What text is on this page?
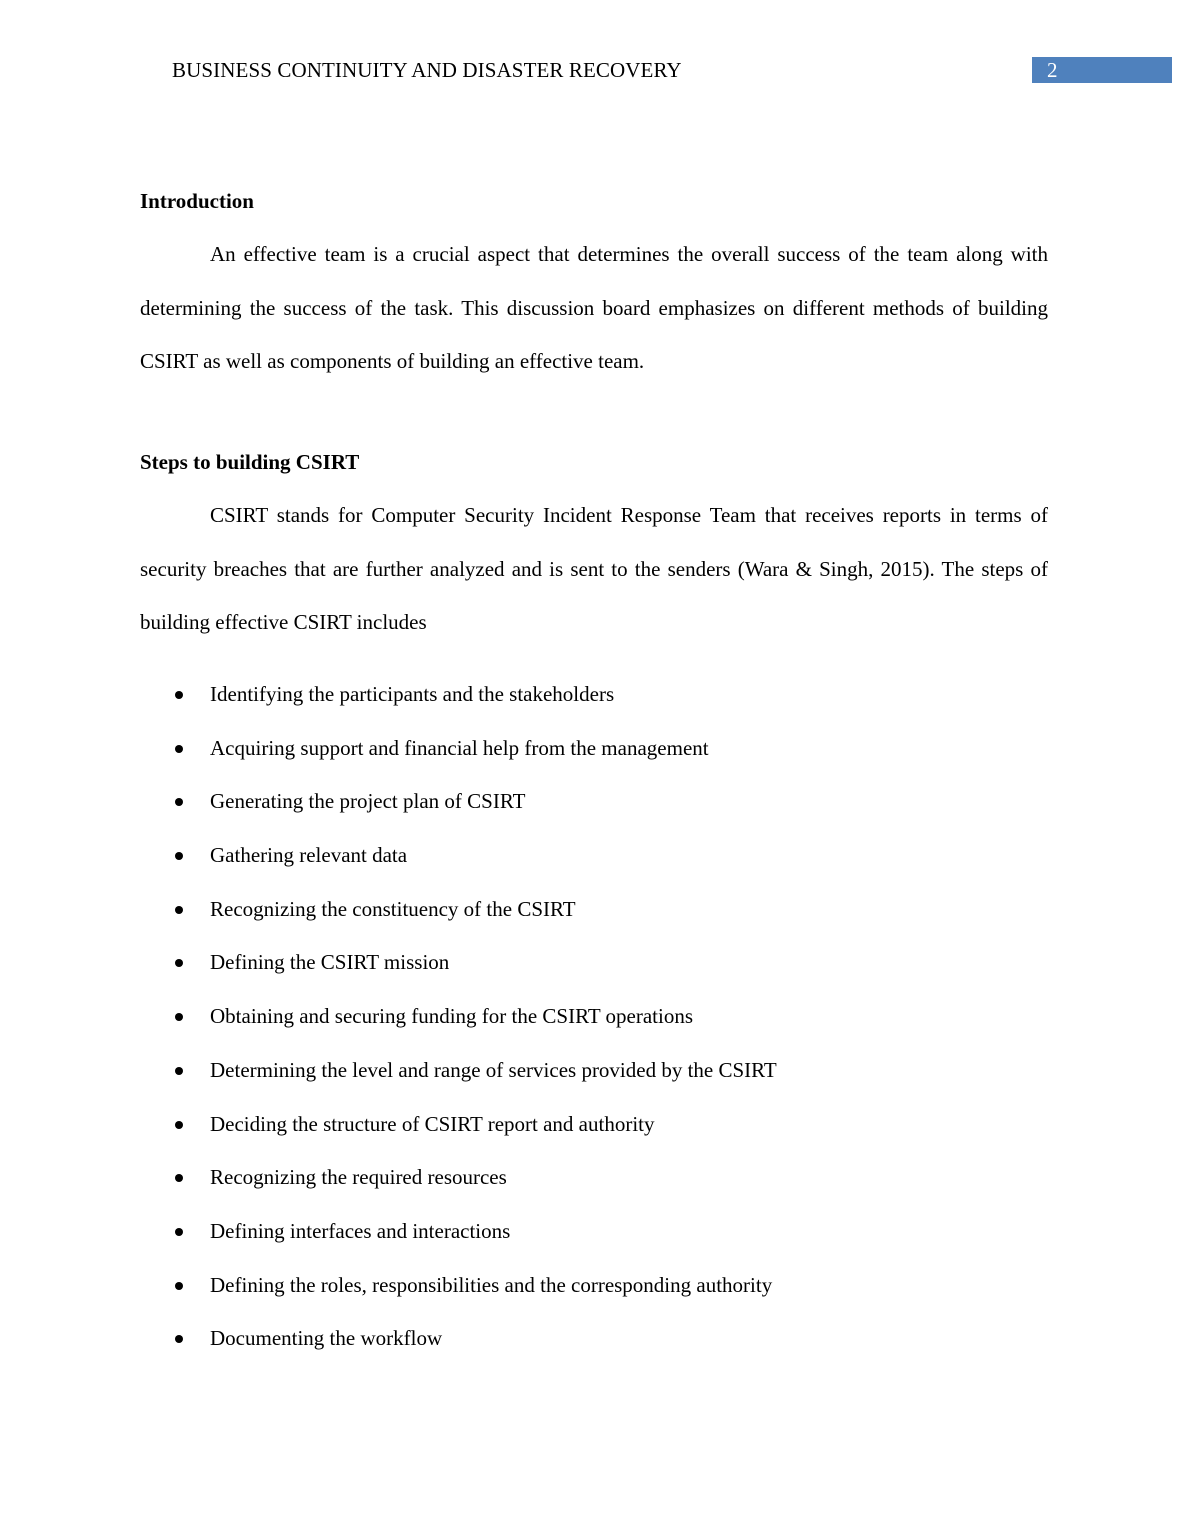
BUSINESS CONTINUITY AND DISASTER RECOVERY	2
Introduction

An effective team is a crucial aspect that determines the overall success of the team along with determining the success of the task. This discussion board emphasizes on different methods of building CSIRT as well as components of building an effective team.

Steps to building CSIRT

CSIRT stands for Computer Security Incident Response Team that receives reports in terms of security breaches that are further analyzed and is sent to the senders (Wara & Singh, 2015). The steps of building effective CSIRT includes

Identifying the participants and the stakeholders
Acquiring support and financial help from the management
Generating the project plan of CSIRT
Gathering relevant data
Recognizing the constituency of the CSIRT
Defining the CSIRT mission
Obtaining and securing funding for the CSIRT operations
Determining the level and range of services provided by the CSIRT
Deciding the structure of CSIRT report and authority
Recognizing the required resources
Defining interfaces and interactions
Defining the roles, responsibilities and the corresponding authority
Documenting the workflow
